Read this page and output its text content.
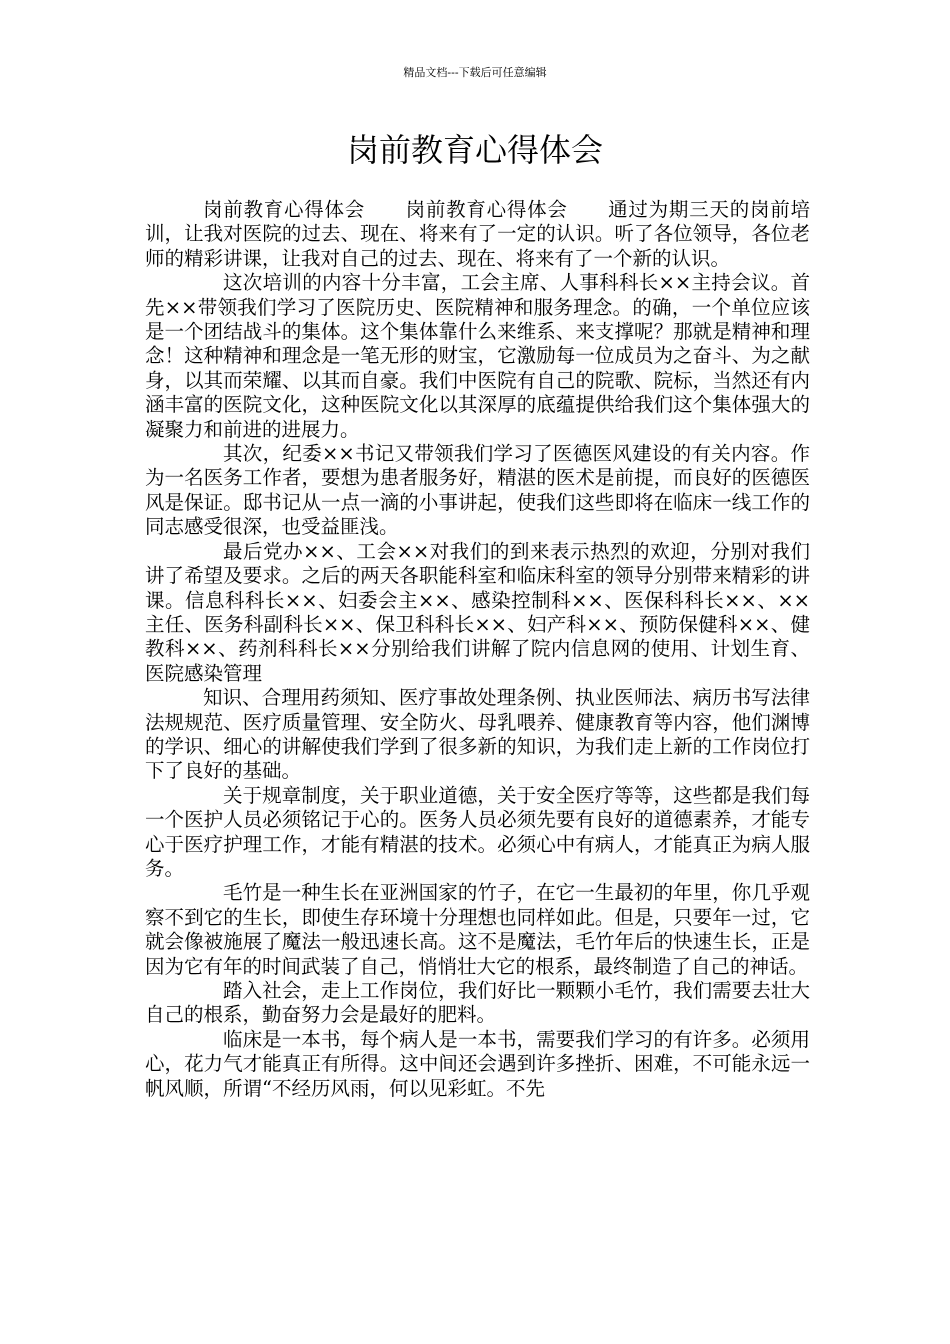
精品文档---下载后可任意编辑
岗前教育心得体会

岗前教育心得体会　　岗前教育心得体会　　通过为期三天的岗前培训，让我对医院的过去、现在、将来有了一定的认识。听了各位领导，各位老师的精彩讲课，让我对自己的过去、现在、将来有了一个新的认识。

这次培训的内容十分丰富，工会主席、人事科科长××主持会议。首先××带领我们学习了医院历史、医院精神和服务理念。的确，一个单位应该是一个团结战斗的集体。这个集体靠什么来维系、来支撑呢？那就是精神和理念！这种精神和理念是一笔无形的财宝，它激励每一位成员为之奋斗、为之献身，以其而荣耀、以其而自豪。我们中医院有自己的院歌、院标，当然还有内涵丰富的医院文化，这种医院文化以其深厚的底蕴提供给我们这个集体强大的凝聚力和前进的进展力。

其次，纪委××书记又带领我们学习了医德医风建设的有关内容。作为一名医务工作者，要想为患者服务好，精湛的医术是前提，而良好的医德医风是保证。邸书记从一点一滴的小事讲起，使我们这些即将在临床一线工作的同志感受很深，也受益匪浅。

最后党办××、工会××对我们的到来表示热烈的欢迎，分别对我们讲了希望及要求。之后的两天各职能科室和临床科室的领导分别带来精彩的讲课。信息科科长××、妇委会主××、感染控制科××、医保科科长××、××主任、医务科副科长××、保卫科科长××、妇产科××、预防保健科××、健教科××、药剂科科长××分别给我们讲解了院内信息网的使用、计划生育、医院感染管理

知识、合理用药须知、医疗事故处理条例、执业医师法、病历书写法律法规规范、医疗质量管理、安全防火、母乳喂养、健康教育等内容，他们渊博的学识、细心的讲解使我们学到了很多新的知识，为我们走上新的工作岗位打下了良好的基础。

关于规章制度，关于职业道德，关于安全医疗等等，这些都是我们每一个医护人员必须铭记于心的。医务人员必须先要有良好的道德素养，才能专心于医疗护理工作，才能有精湛的技术。必须心中有病人，才能真正为病人服务。

毛竹是一种生长在亚洲国家的竹子，在它一生最初的年里，你几乎观察不到它的生长，即使生存环境十分理想也同样如此。但是，只要年一过，它就会像被施展了魔法一般迅速长高。这不是魔法，毛竹年后的快速生长，正是因为它有年的时间武装了自己，悄悄壮大它的根系，最终制造了自己的神话。

踏入社会，走上工作岗位，我们好比一颗颗小毛竹，我们需要去壮大自己的根系，勤奋努力会是最好的肥料。

临床是一本书，每个病人是一本书，需要我们学习的有许多。必须用心，花力气才能真正有所得。这中间还会遇到许多挫折、困难，不可能永远一帆风顺，所谓“不经历风雨，何以见彩虹。不先
